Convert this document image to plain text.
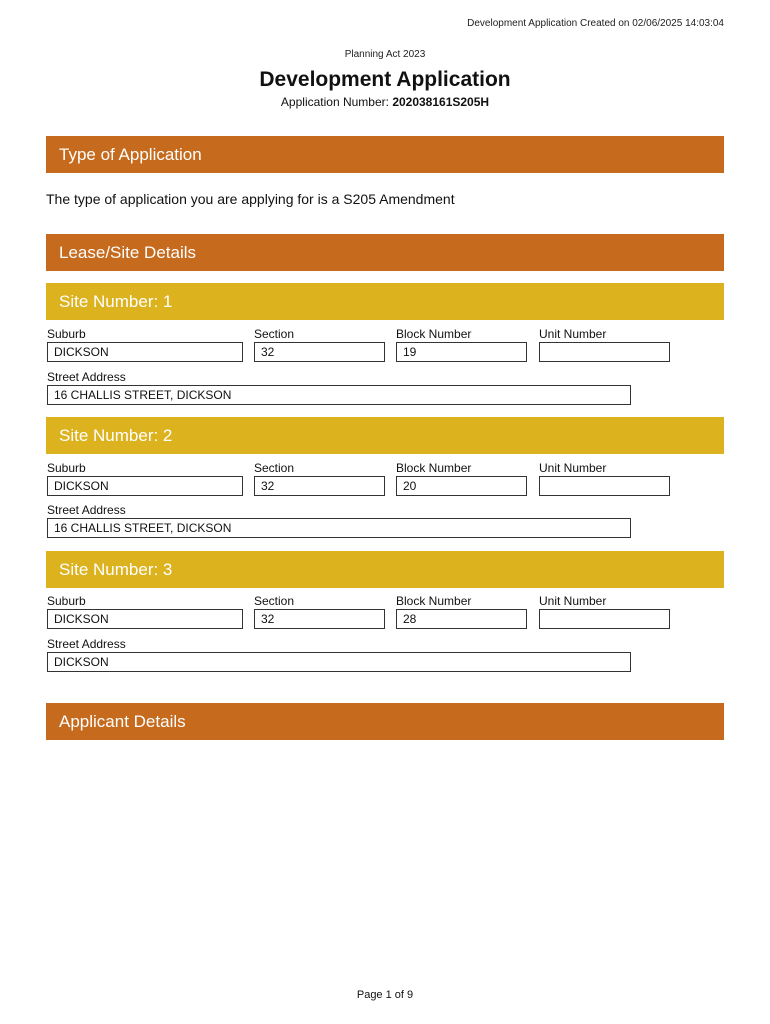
Development Application Created on 02/06/2025 14:03:04
Planning Act 2023
Development Application
Application Number: 202038161S205H
Type of Application
The type of application you are applying for is a S205 Amendment
Lease/Site Details
Site Number: 1
Suburb	Section	Block Number	Unit Number
DICKSON	32	19
Street Address
16 CHALLIS STREET, DICKSON
Site Number: 2
Suburb	Section	Block Number	Unit Number
DICKSON	32	20
Street Address
16 CHALLIS STREET, DICKSON
Site Number: 3
Suburb	Section	Block Number	Unit Number
DICKSON	32	28
Street Address
DICKSON
Applicant Details
Page 1 of 9
